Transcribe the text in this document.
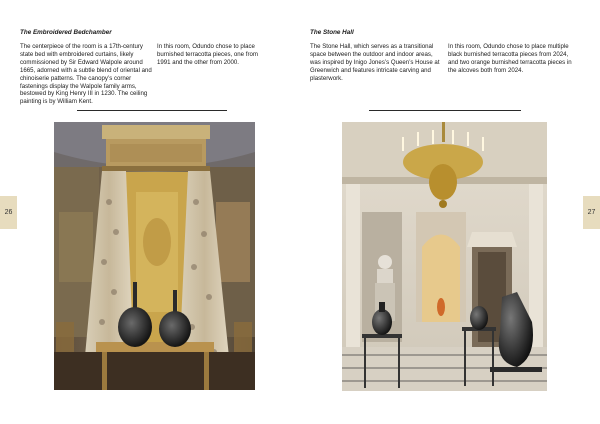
The Embroidered Bedchamber
The centerpiece of the room is a 17th-century state bed with embroidered curtains, likely commissioned by Sir Edward Walpole around 1665, adorned with a subtle blend of oriental and chinoiserie patterns. The canopy’s corner fastenings display the Walpole family arms, bestowed by King Henry III in 1230. The ceiling painting is by William Kent.
In this room, Odundo chose to place burnished terracotta pieces, one from 1991 and the other from 2000.
26
The Stone Hall
The Stone Hall, which serves as a transitional space between the outdoor and indoor areas, was inspired by Inigo Jones’s Queen’s House at Greenwich and features intricate carving and plasterwork.
In this room, Odundo chose to place multiple black burnished terracotta pieces from 2024, and two orange burnished terracotta pieces in the alcoves both from 2024.
27
